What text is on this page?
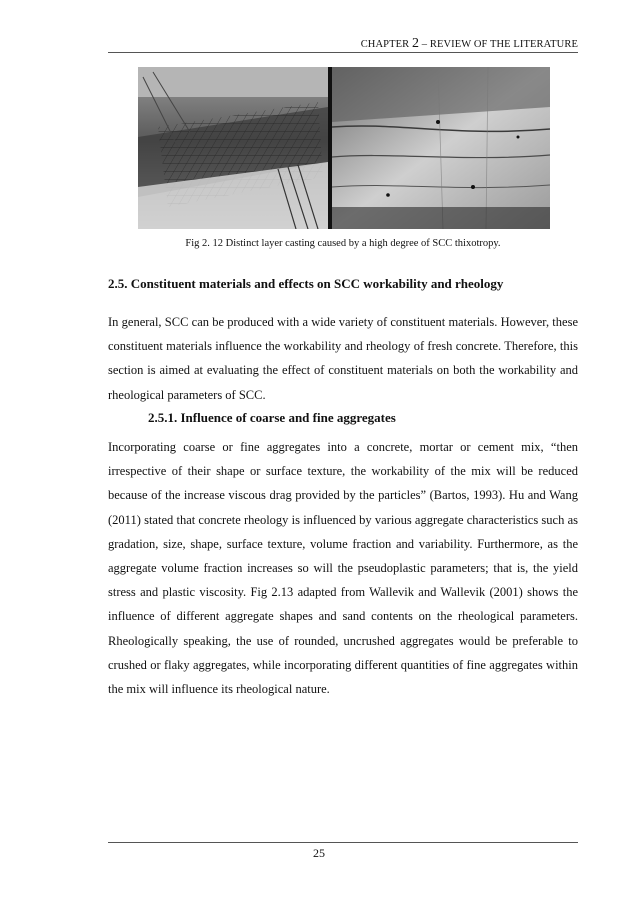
CHAPTER 2 – REVIEW OF THE LITERATURE
Fig 2. 12 Distinct layer casting caused by a high degree of SCC thixotropy.
2.5. Constituent materials and effects on SCC workability and rheology
In general, SCC can be produced with a wide variety of constituent materials. However, these constituent materials influence the workability and rheology of fresh concrete. Therefore, this section is aimed at evaluating the effect of constituent materials on both the workability and rheological parameters of SCC.
2.5.1. Influence of coarse and fine aggregates
Incorporating coarse or fine aggregates into a concrete, mortar or cement mix, “then irrespective of their shape or surface texture, the workability of the mix will be reduced because of the increase viscous drag provided by the particles” (Bartos, 1993). Hu and Wang (2011) stated that concrete rheology is influenced by various aggregate characteristics such as gradation, size, shape, surface texture, volume fraction and variability. Furthermore, as the aggregate volume fraction increases so will the pseudoplastic parameters; that is, the yield stress and plastic viscosity. Fig 2.13 adapted from Wallevik and Wallevik (2001) shows the influence of different aggregate shapes and sand contents on the rheological parameters. Rheologically speaking, the use of rounded, uncrushed aggregates would be preferable to crushed or flaky aggregates, while incorporating different quantities of fine aggregates within the mix will influence its rheological nature.
25
